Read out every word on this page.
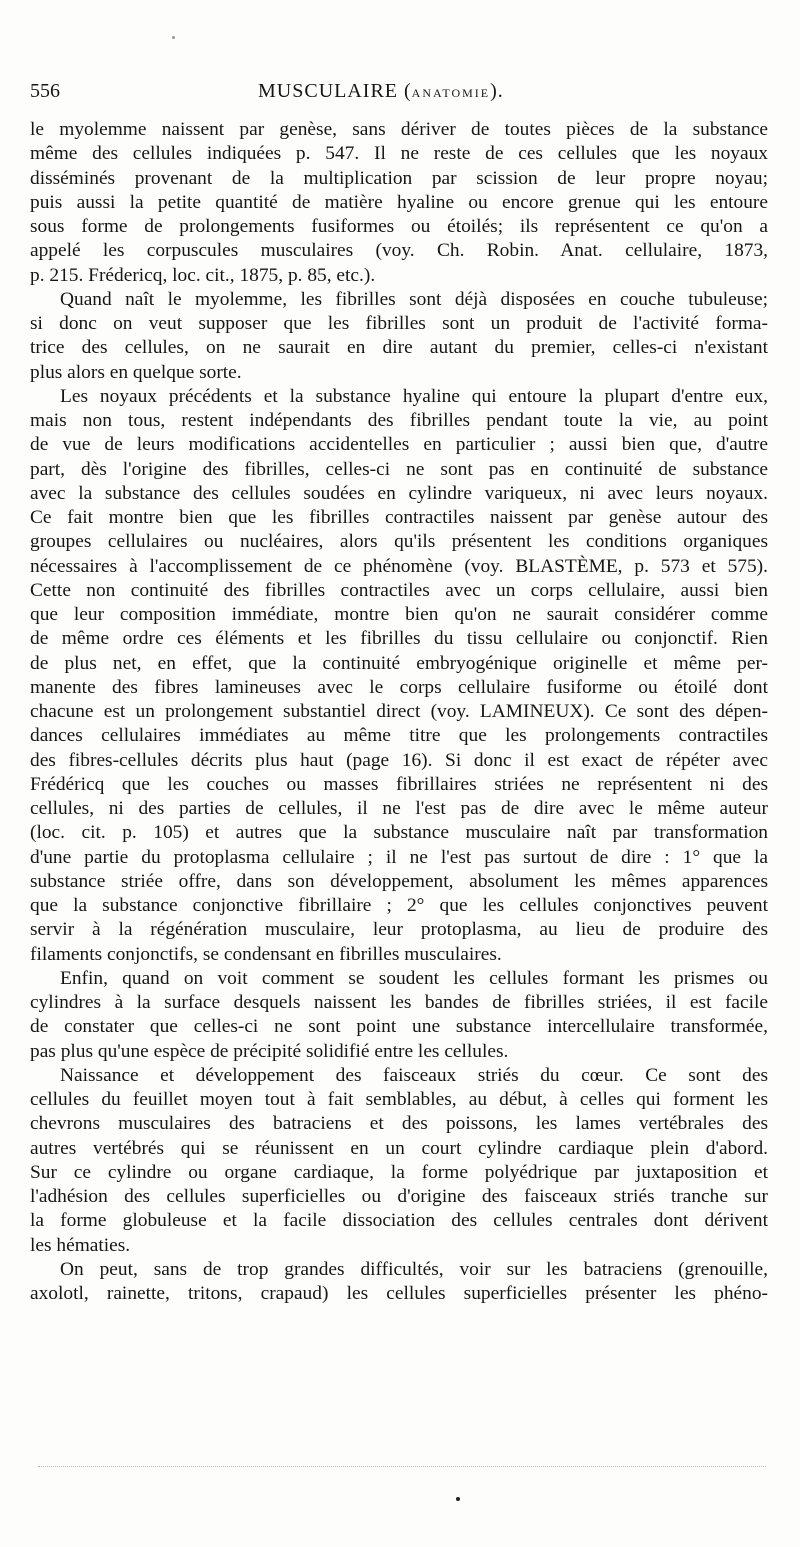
556	MUSCULAIRE (ANATOMIE).
le myolemme naissent par genèse, sans dériver de toutes pièces de la substance
même des cellules indiquées p. 547. Il ne reste de ces cellules que les noyaux
disséminés provenant de la multiplication par scission de leur propre noyau;
puis aussi la petite quantité de matière hyaline ou encore grenue qui les entoure
sous forme de prolongements fusiformes ou étoilés; ils représentent ce qu'on a
appelé les corpuscules musculaires (voy. Ch. Robin. Anat. cellulaire, 1873,
p. 215. Frédericq, loc. cit., 1875, p. 85, etc.).
Quand naît le myolemme, les fibrilles sont déjà disposées en couche tubuleuse;
si donc on veut supposer que les fibrilles sont un produit de l'activité forma-
trice des cellules, on ne saurait en dire autant du premier, celles-ci n'existant
plus alors en quelque sorte.
Les noyaux précédents et la substance hyaline qui entoure la plupart d'entre eux,
mais non tous, restent indépendants des fibrilles pendant toute la vie, au point
de vue de leurs modifications accidentelles en particulier ; aussi bien que, d'autre
part, dès l'origine des fibrilles, celles-ci ne sont pas en continuité de substance
avec la substance des cellules soudées en cylindre variqueux, ni avec leurs noyaux.
Ce fait montre bien que les fibrilles contractiles naissent par genèse autour des
groupes cellulaires ou nucléaires, alors qu'ils présentent les conditions organiques
nécessaires à l'accomplissement de ce phénomène (voy. BLASTÈME, p. 573 et 575).
Cette non continuité des fibrilles contractiles avec un corps cellulaire, aussi bien
que leur composition immédiate, montre bien qu'on ne saurait considérer comme
de même ordre ces éléments et les fibrilles du tissu cellulaire ou conjonctif. Rien
de plus net, en effet, que la continuité embryogénique originelle et même per-
manente des fibres lamineuses avec le corps cellulaire fusiforme ou étoilé dont
chacune est un prolongement substantiel direct (voy. LAMINEUX). Ce sont des dépen-
dances cellulaires immédiates au même titre que les prolongements contractiles
des fibres-cellules décrits plus haut (page 16). Si donc il est exact de répéter avec
Frédéricq que les couches ou masses fibrillaires striées ne représentent ni des
cellules, ni des parties de cellules, il ne l'est pas de dire avec le même auteur
(loc. cit. p. 105) et autres que la substance musculaire naît par transformation
d'une partie du protoplasma cellulaire ; il ne l'est pas surtout de dire : 1° que la
substance striée offre, dans son développement, absolument les mêmes apparences
que la substance conjonctive fibrillaire ; 2° que les cellules conjonctives peuvent
servir à la régénération musculaire, leur protoplasma, au lieu de produire des
filaments conjonctifs, se condensant en fibrilles musculaires.
Enfin, quand on voit comment se soudent les cellules formant les prismes ou
cylindres à la surface desquels naissent les bandes de fibrilles striées, il est facile
de constater que celles-ci ne sont point une substance intercellulaire transformée,
pas plus qu'une espèce de précipité solidifié entre les cellules.
Naissance et développement des faisceaux striés du cœur. Ce sont des
cellules du feuillet moyen tout à fait semblables, au début, à celles qui forment les
chevrons musculaires des batraciens et des poissons, les lames vertébrales des
autres vertébrés qui se réunissent en un court cylindre cardiaque plein d'abord.
Sur ce cylindre ou organe cardiaque, la forme polyédrique par juxtaposition et
l'adhésion des cellules superficielles ou d'origine des faisceaux striés tranche sur
la forme globuleuse et la facile dissociation des cellules centrales dont dérivent
les hématies.
On peut, sans de trop grandes difficultés, voir sur les batraciens (grenouille,
axolotl, rainette, tritons, crapaud) les cellules superficielles présenter les phéno-
